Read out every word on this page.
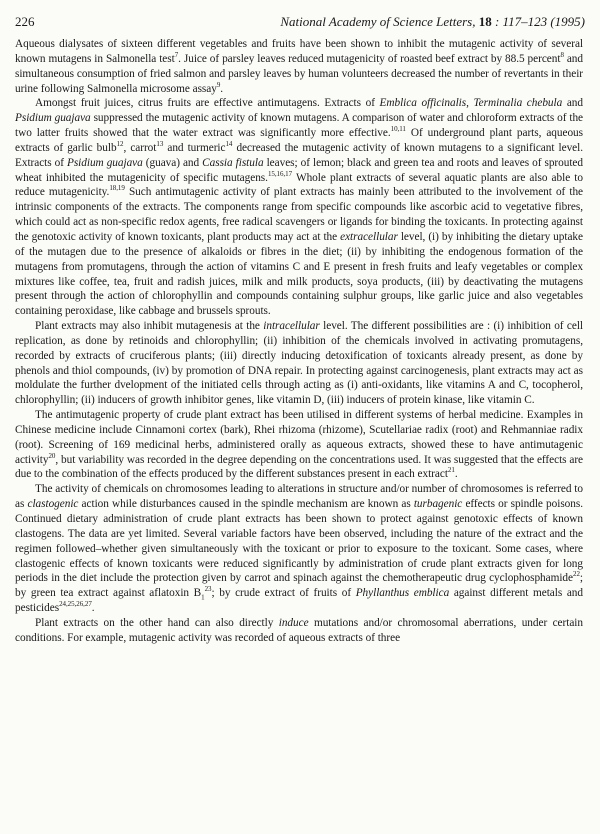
226	National Academy of Science Letters, 18 : 117–123 (1995)

Aqueous dialysates of sixteen different vegetables and fruits have been shown to inhibit the mutagenic activity of several known mutagens in Salmonella test$^7$. Juice of parsley leaves reduced mutagenicity of roasted beef extract by 88.5 percent$^8$ and simultaneous consumption of fried salmon and parsley leaves by human volunteers decreased the number of revertants in their urine following Salmonella microsome assay$^9$.

Amongst fruit juices, citrus fruits are effective antimutagens. Extracts of Emblica officinalis, Terminalia chebula and Psidium guajava suppressed the mutagenic activity of known mutagens. A comparison of water and chloroform extracts of the two latter fruits showed that the water extract was significantly more effective.$^{10,11}$ Of underground plant parts, aqueous extracts of garlic bulb$^{12}$, carrot$^{13}$ and turmeric$^{14}$ decreased the mutagenic activity of known mutagens to a significant level. Extracts of Psidium guajava (guava) and Cassia fistula leaves; of lemon; black and green tea and roots and leaves of sprouted wheat inhibited the mutagenicity of specific mutagens.$^{15,16,17}$ Whole plant extracts of several aquatic plants are also able to reduce mutagenicity.$^{18,19}$ Such antimutagenic activity of plant extracts has mainly been attributed to the involvement of the intrinsic components of the extracts. The components range from specific compounds like ascorbic acid to vegetative fibres, which could act as non-specific redox agents, free radical scavengers or ligands for binding the toxicants. In protecting against the genotoxic activity of known toxicants, plant products may act at the extracellular level, (i) by inhibiting the dietary uptake of the mutagen due to the presence of alkaloids or fibres in the diet; (ii) by inhibiting the endogenous formation of the mutagens from promutagens, through the action of vitamins C and E present in fresh fruits and leafy vegetables or complex mixtures like coffee, tea, fruit and radish juices, milk and milk products, soya products, (iii) by deactivating the mutagens present through the action of chlorophyllin and compounds containing sulphur groups, like garlic juice and also vegetables containing peroxidase, like cabbage and brussels sprouts.

Plant extracts may also inhibit mutagenesis at the intracellular level. The different possibilities are : (i) inhibition of cell replication, as done by retinoids and chlorophyllin; (ii) inhibition of the chemicals involved in activating promutagens, recorded by extracts of cruciferous plants; (iii) directly inducing detoxification of toxicants already present, as done by phenols and thiol compounds, (iv) by promotion of DNA repair. In protecting against carcinogenesis, plant extracts may act as moldulate the further dvelopment of the initiated cells through acting as (i) anti-oxidants, like vitamins A and C, tocopherol, chlorophyllin; (ii) inducers of growth inhibitor genes, like vitamin D, (iii) inducers of protein kinase, like vitamin C.

The antimutagenic property of crude plant extract has been utilised in different systems of herbal medicine. Examples in Chinese medicine include Cinnamoni cortex (bark), Rhei rhizoma (rhizome), Scutellariae radix (root) and Rehmanniae radix (root). Screening of 169 medicinal herbs, administered orally as aqueous extracts, showed these to have antimutagenic activity$^{20}$, but variability was recorded in the degree depending on the concentrations used. It was suggested that the effects are due to the combination of the effects produced by the different substances present in each extract$^{21}$.

The activity of chemicals on chromosomes leading to alterations in structure and/or number of chromosomes is referred to as clastogenic action while disturbances caused in the spindle mechanism are known as turbagenic effects or spindle poisons. Continued dietary administration of crude plant extracts has been shown to protect against genotoxic effects of known clastogens. The data are yet limited. Several variable factors have been observed, including the nature of the extract and the regimen followed–whether given simultaneously with the toxicant or prior to exposure to the toxicant. Some cases, where clastogenic effects of known toxicants were reduced significantly by administration of crude plant extracts given for long periods in the diet include the protection given by carrot and spinach against the chemotherapeutic drug cyclophosphamide$^{22}$; by green tea extract against aflatoxin $B_1^{23}$; by crude extract of fruits of Phyllanthus emblica against different metals and pesticides$^{24,25,26,27}$.

Plant extracts on the other hand can also directly induce mutations and/or chromosomal aberrations, under certain conditions. For example, mutagenic activity was recorded of aqueous extracts of three
